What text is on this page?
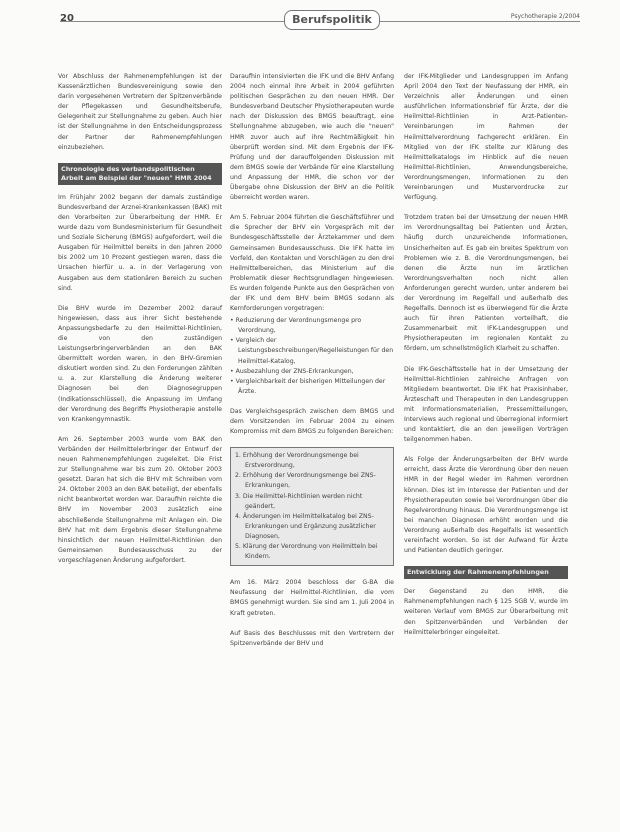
20	Berufspolitik	Psychotherapie 2/2004

Vor Abschluss der Rahmenempfehlungen ist der Kassenärztlichen Bundesvereinigung sowie den darin vorgesehenen Vertretern der Spitzenverbände der Pflegekassen und Gesundheitsberufe, Gelegenheit zur Stellungnahme zu geben. Auch hier ist der Stellungnahme in den Entscheidungsprozess der Partner der Rahmenempfehlungen einzubeziehen.

Chronologie des verbandspolitischen Arbeit am Beispiel der "neuen" HMR 2004

Im Frühjahr 2002 begann der damals zuständige Bundesverband der Arznei-Krankenkassen (BAK) mit den Vorarbeiten zur Überarbeitung der HMR. Er wurde dazu vom Bundesministerium für Gesundheit und Soziale Sicherung (BMGS) aufgefordert, weil die Ausgaben für Heilmittel bereits in den Jahren 2000 bis 2002 um 10 Prozent gestiegen waren, dass die Ursachen hierfür u. a. in der Verlagerung von Ausgaben aus dem stationären Bereich zu suchen sind.

Die BHV wurde im Dezember 2002 darauf hingewiesen, dass aus ihrer Sicht bestehende Anpassungsbedarfe zu den Heilmittel-Richtlinien, die von den zuständigen Leistungserbringerverbänden an den BAK übermittelt worden waren, in den BHV-Gremien diskutiert worden sind. Zu den Forderungen zählten u. a. zur Klarstellung die Änderung weiterer Diagnosen bei den Diagnosegruppen (Indikationsschlüssel), die Anpassung im Umfang der Verordnung des Begriffs Physiotherapie anstelle von Krankengymnastik.

Am 26. September 2003 wurde vom BAK den Verbänden der Heilmittelerbringer der Entwurf der neuen Rahmenempfehlungen zugeleitet. Die Frist zur Stellungnahme war bis zum 20. Oktober 2003 gesetzt. Daran hat sich die BHV mit Schreiben vom 24. Oktober 2003 an den BAK beteiligt, der ebenfalls nicht beantwortet worden war. Daraufhin reichte die BHV im November 2003 zusätzlich eine abschließende Stellungnahme mit Anlagen ein. Die BHV hat mit dem Ergebnis dieser Stellungnahme hinsichtlich der neuen Heilmittel-Richtlinien den Gemeinsamen Bundesausschuss zu der vorgeschlagenen Änderung aufgefordert.

Daraufhin intensivierten die IFK und die BHV Anfang 2004 noch einmal ihre Arbeit in 2004 geführten politischen Gesprächen zu den neuen HMR. Der Bundesverband Deutscher Physiotherapeuten wurde nach der Diskussion des BMGS beauftragt, eine Stellungnahme abzugeben, wie auch die "neuen" HMR zuvor auch auf ihre Rechtmäßigkeit hin überprüft worden sind. Mit dem Ergebnis der IFK-Prüfung und der darauffolgenden Diskussion mit dem BMGS sowie der Verbände für eine Klarstellung und Anpassung der HMR, die schon vor der Übergabe ohne Diskussion der BHV an die Politik überreicht worden waren.

Am 5. Februar 2004 führten die Geschäftsführer und die Sprecher der BHV ein Vorgespräch mit der Bundesgeschäftsstelle der Ärztekammer und dem Gemeinsamen Bundesausschuss. Die IFK hatte im Vorfeld, den Kontakten und Vorschlägen zu den drei Heilmittelbereichen, das Ministerium auf die Problematik dieser Rechtsgrundlagen hingewiesen. Es wurden folgende Punkte aus den Gesprächen von der IFK und dem BHV beim BMGS sodann als Kernforderungen vorgetragen:

• Reduzierung der Verordnungsmenge pro Verordnung,

• Vergleich der Leistungsbeschreibungen/Regelleistungen für den Heilmittel-Katalog,

• Ausbezahlung der ZNS-Erkrankungen,

• Vergleichbarkeit der bisherigen Mitteilungen der Ärzte.

Das Vergleichsgespräch zwischen dem BMGS und dem Vorsitzenden im Februar 2004 zu einem Kompromiss mit dem BMGS zu folgenden Bereichen:

1. Erhöhung der Verordnungsmenge bei Erstverordnung,

2. Erhöhung der Verordnungsmenge bei ZNS-Erkrankungen,

3. Die Heilmittel-Richtlinien werden nicht geändert,

4. Änderungen im Heilmittelkatalog bei ZNS-Erkrankungen und Ergänzung zusätzlicher Diagnosen,

5. Klärung der Verordnung von Heilmitteln bei Kindern.

Am 16. März 2004 beschloss der G-BA die Neufassung der Heilmittel-Richtlinien, die vom BMGS genehmigt wurden. Sie sind am 1. Juli 2004 in Kraft getreten.

Auf Basis des Beschlusses mit den Vertretern der Spitzenverbände der BHV und

der IFK-Mitglieder und Landesgruppen im Anfang April 2004 den Text der Neufassung der HMR, ein Verzeichnis aller Änderungen und einen ausführlichen Informationsbrief für Ärzte, der die Heilmittel-Richtlinien in Arzt-Patienten-Vereinbarungen im Rahmen der Heilmittelverordnung fachgerecht erklären. Ein Mitglied von der IFK stellte zur Klärung des Heilmittelkatalogs im Hinblick auf die neuen Heilmittel-Richtlinien, Anwendungsbereiche, Verordnungsmengen, Informationen zu den Vereinbarungen und Mustervordrucke zur Verfügung.

Trotzdem traten bei der Umsetzung der neuen HMR im Verordnungsalltag bei Patienten und Ärzten, häufig durch unzureichende Informationen, Unsicherheiten auf. Es gab ein breites Spektrum von Problemen wie z. B. die Verordnungsmengen, bei denen die Ärzte nun im ärztlichen Verordnungsverhalten noch nicht allen Anforderungen gerecht wurden, unter anderem bei der Verordnung im Regelfall und außerhalb des Regelfalls. Dennoch ist es überwiegend für die Ärzte auch für ihren Patienten vorteilhaft, die Zusammenarbeit mit IFK-Landesgruppen und Physiotherapeuten im regionalen Kontakt zu fördern, um schnellstmöglich Klarheit zu schaffen.

Die IFK-Geschäftsstelle hat in der Umsetzung der Heilmittel-Richtlinien zahlreiche Anfragen von Mitgliedern beantwortet. Die IFK hat Praxisinhaber, Ärzteschaft und Therapeuten in den Landesgruppen mit Informationsmaterialien, Pressemitteilungen, Interviews auch regional und überregional informiert und kontaktiert, die an den jeweiligen Vorträgen teilgenommen haben.

Als Folge der Änderungsarbeiten der BHV wurde erreicht, dass Ärzte die Verordnung über den neuen HMR in der Regel wieder im Rahmen verordnen können. Dies ist im Interesse der Patienten und der Physiotherapeuten sowie bei Verordnungen über die Regelverordnung hinaus. Die Verordnungsmenge ist bei manchen Diagnosen erhöht worden und die Verordnung außerhalb des Regelfalls ist wesentlich vereinfacht worden. So ist der Aufwand für Ärzte und Patienten deutlich geringer.

Entwicklung der Rahmenempfehlungen

Der Gegenstand zu den HMR, die Rahmenempfehlungen nach § 125 SGB V, wurde im weiteren Verlauf vom BMGS zur Überarbeitung mit den Spitzenverbänden und Verbänden der Heilmittelerbringer eingeleitet.
